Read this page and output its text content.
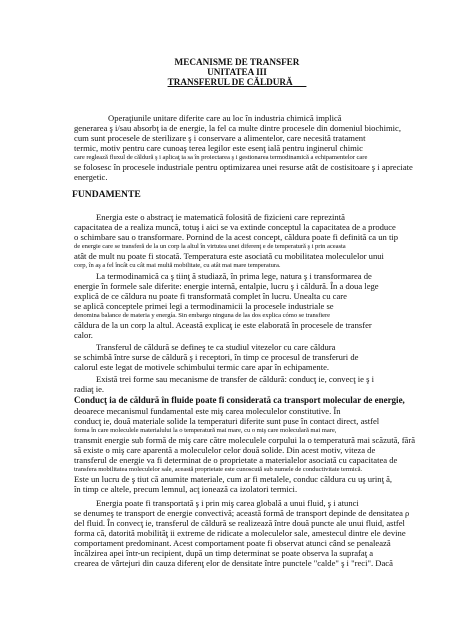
MECANISME DE TRANSFER
UNITATEA III
TRANSFERUL DE CĂLDURĂ
Operaţiunile unitare diferite care au loc în industria chimică implică
generarea ş i/sau absorbţ ia de energie, la fel ca multe dintre procesele din domeniul biochimic,
cum sunt procesele de sterilizare ş i conservare a alimentelor, care necesită tratament
termic, motiv pentru care cunoaş terea legilor este esenţ ială pentru inginerul chimic
care reglează fluxul de căldură ş i aplicaţ ia sa în proiectarea ş i gestionarea termodinamică a echipamentelor care
se folosesc în procesele industriale pentru optimizarea unei resurse atât de costisitoare ş i apreciate
energetic.
FUNDAMENTE
Energia este o abstracţ ie matematică folosită de fizicieni care reprezintă
capacitatea de a realiza muncă, totuş i aici se va extinde conceptul la capacitatea de a produce
o schimbare sau o transformare. Pornind de la acest concept, căldura poate fi definită ca un tip
de energie care se transferă de la un corp la altul în virtutea unei diferenţ e de temperatură ş i prin aceasta
atât de mult nu poate fi stocată. Temperatura este asociată cu mobilitatea moleculelor unui
corp, în aş a fel încât cu cât mai multă mobilitate, cu atât mai mare temperatura.
La termodinamică ca ş tiinţ ă studiază, în prima lege, natura ş i transformarea de
energie în formele sale diferite: energie internă, entalpie, lucru ş i căldură. În a doua lege
explică de ce căldura nu poate fi transformată complet în lucru. Unealta cu care
se aplică conceptele primei legi a termodinamicii la procesele industriale se
denomina balance de materia y energía. Sin embargo ninguna de las dos explica cómo se transfiere
căldura de la un corp la altul. Această explicaţ ie este elaborată în procesele de transfer
calor.
Transferul de căldură se defineş te ca studiul vitezelor cu care căldura
se schimbă între surse de căldură ş i receptori, în timp ce procesul de transferuri de
calorul este legat de motivele schimbului termic care apar în echipamente.
Există trei forme sau mecanisme de transfer de căldură: conducţ ie, convecţ ie ş i
radiaţ ie.
Conducţ ia de căldură în fluide poate fi considerată ca transport molecular de energie,
deoarece mecanismul fundamental este miş carea moleculelor constitutive. În
conducţ ie, două materiale solide la temperaturi diferite sunt puse în contact direct, astfel
forma în care moleculele materialului la o temperatură mai mare, cu o miş care moleculară mai mare,
transmit energie sub formă de miş care către moleculele corpului la o temperatură mai scăzută, fără
să existe o miş care aparentă a moleculelor celor două solide. Din acest motiv, viteza de
transferul de energie va fi determinat de o proprietate a materialelor asociată cu capacitatea de
transfera mobilitatea moleculelor sale, această proprietate este cunoscută sub numele de conductivitate termică.
Este un lucru de ş tiut că anumite materiale, cum ar fi metalele, conduc căldura cu uş urinţ ă,
în timp ce altele, precum lemnul, acţ ionează ca izolatori termici.
Energia poate fi transportată ş i prin miş carea globală a unui fluid, ş i atunci
se denumeş te transport de energie convectivă; această formă de transport depinde de densitatea ρ
del fluid. În convecţ ie, transferul de căldură se realizează între două puncte ale unui fluid, astfel
forma că, datorită mobilităţ ii extreme de ridicate a moleculelor sale, amestecul dintre ele devine
comportament predominant. Acest comportament poate fi observat atunci când se penalează
încălzirea apei într-un recipient, după un timp determinat se poate observa la suprafaţ a
crearea de vârtejuri din cauza diferenţ elor de densitate între punctele "calde" ş i "reci". Dacă
